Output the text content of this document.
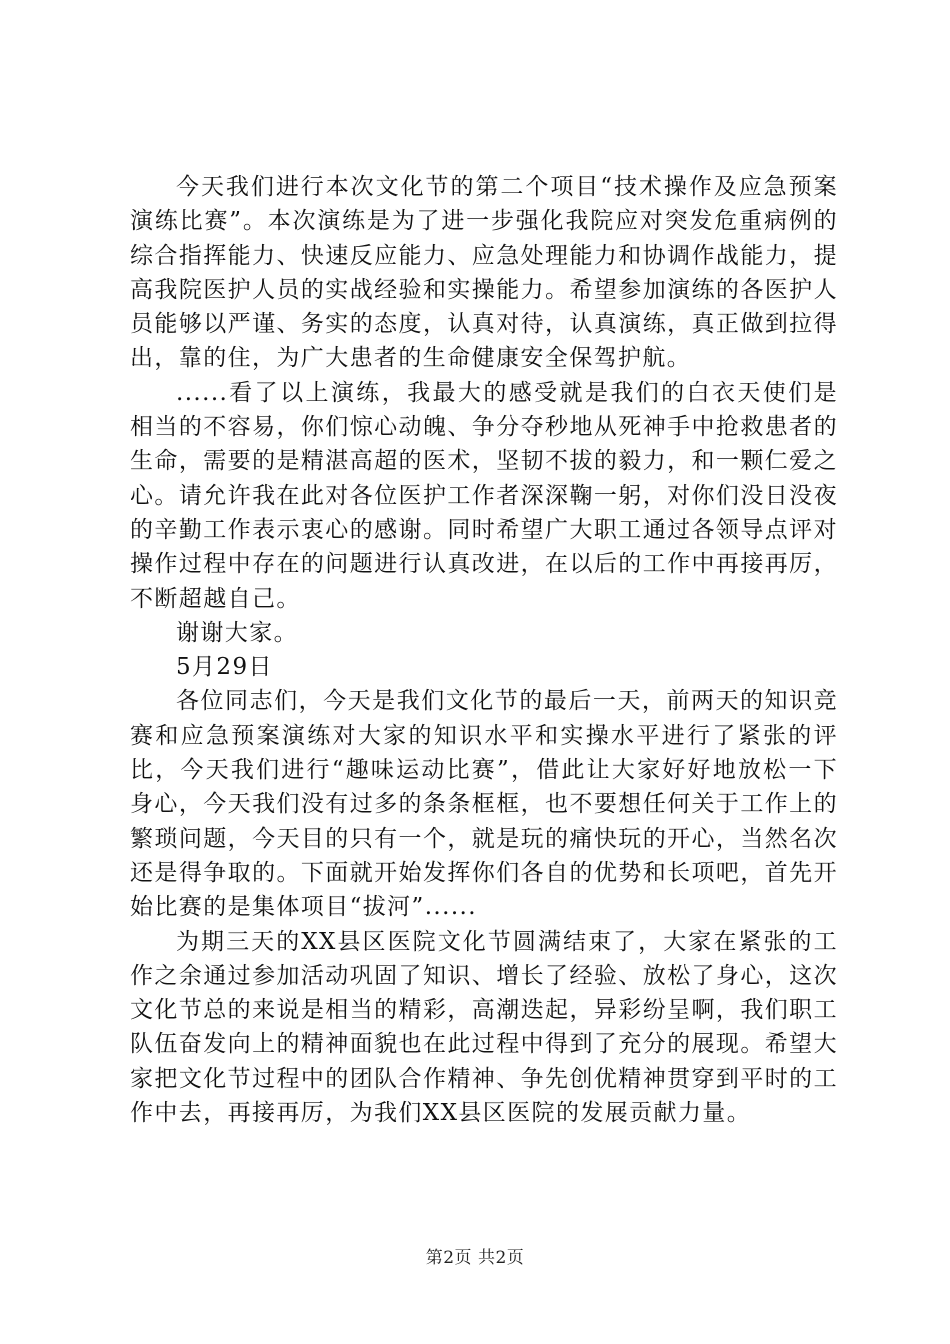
今天我们进行本次文化节的第二个项目“技术操作及应急预案演练比赛”。本次演练是为了进一步强化我院应对突发危重病例的综合指挥能力、快速反应能力、应急处理能力和协调作战能力，提高我院医护人员的实战经验和实操能力。希望参加演练的各医护人员能够以严谨、务实的态度，认真对待，认真演练，真正做到拉得出，靠的住，为广大患者的生命健康安全保驾护航。

......看了以上演练，我最大的感受就是我们的白衣天使们是相当的不容易，你们惊心动魄、争分夺秒地从死神手中抢救患者的生命，需要的是精湛高超的医术，坚韧不拔的毅力，和一颗仁爱之心。请允许我在此对各位医护工作者深深鞠一躬，对你们没日没夜的辛勤工作表示衷心的感谢。同时希望广大职工通过各领导点评对操作过程中存在的问题进行认真改进，在以后的工作中再接再厉，不断超越自己。

谢谢大家。

5月29日

各位同志们，今天是我们文化节的最后一天，前两天的知识竞赛和应急预案演练对大家的知识水平和实操水平进行了紧张的评比，今天我们进行“趣味运动比赛”，借此让大家好好地放松一下身心，今天我们没有过多的条条框框，也不要想任何关于工作上的繁琐问题，今天目的只有一个，就是玩的痛快玩的开心，当然名次还是得争取的。下面就开始发挥你们各自的优势和长项吧，首先开始比赛的是集体项目“拔河”......

为期三天的XX县区医院文化节圆满结束了，大家在紧张的工作之余通过参加活动巩固了知识、增长了经验、放松了身心，这次文化节总的来说是相当的精彩，高潮迭起，异彩纷呈啊，我们职工队伍奋发向上的精神面貌也在此过程中得到了充分的展现。希望大家把文化节过程中的团队合作精神、争先创优精神贯穿到平时的工作中去，再接再厉，为我们XX县区医院的发展贡献力量。

第2页 共2页
